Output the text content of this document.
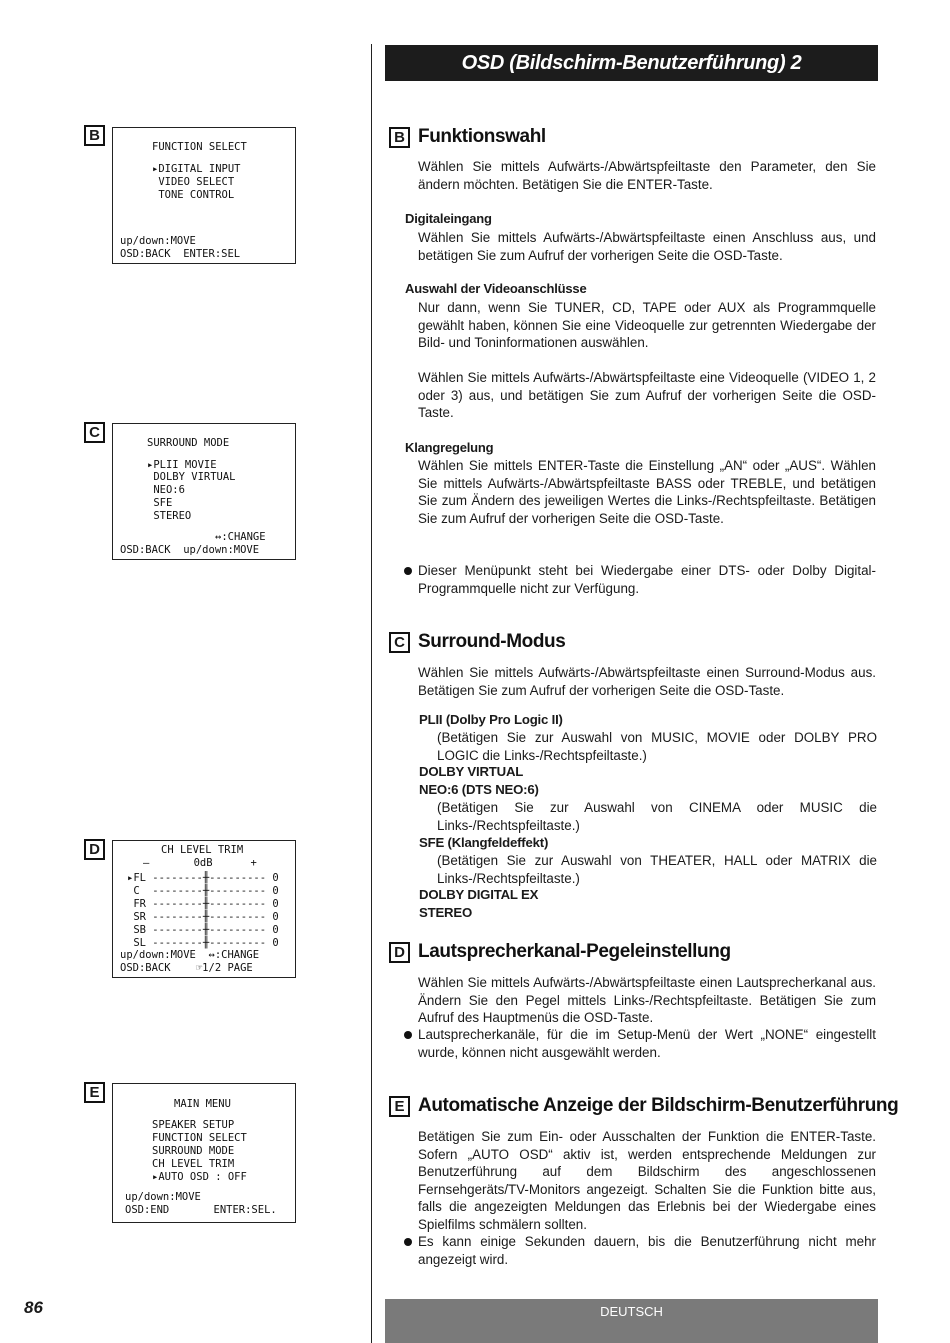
OSD (Bildschirm-Benutzerführung) 2
B

FUNCTION SELECT

▸DIGITAL INPUT

VIDEO SELECT

TONE CONTROL

up/down:MOVE

OSD:BACK  ENTER:SEL

C

SURROUND MODE

▸PLII MOVIE

DOLBY VIRTUAL

NEO:6

SFE

STEREO

↔:CHANGE

OSD:BACK  up/down:MOVE

D

	CH LEVEL TRIM

–       0dB      +

▸FL --------╫--------- 0

C  --------╫--------- 0

FR --------╫--------- 0

SR --------╫--------- 0

SB --------╫--------- 0

SL --------╫--------- 0

up/down:MOVE  ↔:CHANGE

OSD:BACK    ☞1/2 PAGE

E

MAIN MENU

SPEAKER SETUP

FUNCTION SELECT

SURROUND MODE

CH LEVEL TRIM

▸AUTO OSD : OFF

up/down:MOVE

OSD:END       ENTER:SEL.

B Funktionswahl
Wählen Sie mittels Aufwärts-/Abwärtspfeiltaste den Parameter, den Sie ändern möchten. Betätigen Sie die ENTER-Taste.
Digitaleingang
Wählen Sie mittels Aufwärts-/Abwärtspfeiltaste einen Anschluss aus, und betätigen Sie zum Aufruf der vorherigen Seite die OSD-Taste.
Auswahl der Videoanschlüsse
Nur dann, wenn Sie TUNER, CD, TAPE oder AUX als Programmquelle gewählt haben, können Sie eine Videoquelle zur getrennten Wiedergabe der Bild- und Toninformationen auswählen.
Wählen Sie mittels Aufwärts-/Abwärtspfeiltaste eine Videoquelle (VIDEO 1, 2 oder 3) aus, und betätigen Sie zum Aufruf der vorherigen Seite die OSD-Taste.
Klangregelung
Wählen Sie mittels ENTER-Taste die Einstellung „AN“ oder „AUS“. Wählen Sie mittels Aufwärts-/Abwärtspfeiltaste BASS oder TREBLE, und betätigen Sie zum Ändern des jeweiligen Wertes die Links-/Rechtspfeiltaste. Betätigen Sie zum Aufruf der vorherigen Seite die OSD-Taste.
Dieser Menüpunkt steht bei Wiedergabe einer DTS- oder Dolby Digital-Programmquelle nicht zur Verfügung.
C Surround-Modus
Wählen Sie mittels Aufwärts-/Abwärtspfeiltaste einen Surround-Modus aus. Betätigen Sie zum Aufruf der vorherigen Seite die OSD-Taste.
PLII (Dolby Pro Logic II)
(Betätigen Sie zur Auswahl von MUSIC, MOVIE oder DOLBY PRO LOGIC die Links-/Rechtspfeiltaste.)
DOLBY VIRTUAL
NEO:6 (DTS NEO:6)
(Betätigen Sie zur Auswahl von CINEMA oder MUSIC die Links-/Rechtspfeiltaste.)
SFE (Klangfeldeffekt)
(Betätigen Sie zur Auswahl von THEATER, HALL oder MATRIX die Links-/Rechtspfeiltaste.)
DOLBY DIGITAL EX
STEREO
D Lautsprecherkanal-Pegeleinstellung
Wählen Sie mittels Aufwärts-/Abwärtspfeiltaste einen Lautsprecherkanal aus. Ändern Sie den Pegel mittels Links-/Rechtspfeiltaste. Betätigen Sie zum Aufruf des Hauptmenüs die OSD-Taste.
Lautsprecherkanäle, für die im Setup-Menü der Wert „NONE“ eingestellt wurde, können nicht ausgewählt werden.
E Automatische Anzeige der Bildschirm-Benutzerführung
Betätigen Sie zum Ein- oder Ausschalten der Funktion die ENTER-Taste. Sofern „AUTO OSD“ aktiv ist, werden entsprechende Meldungen zur Benutzerführung auf dem Bildschirm des angeschlossenen Fernsehgeräts/TV-Monitors angezeigt. Schalten Sie die Funktion bitte aus, falls die angezeigten Meldungen das Erlebnis bei der Wiedergabe eines Spielfilms schmälern sollten.
Es kann einige Sekunden dauern, bis die Benutzerführung nicht mehr angezeigt wird.
86	DEUTSCH
